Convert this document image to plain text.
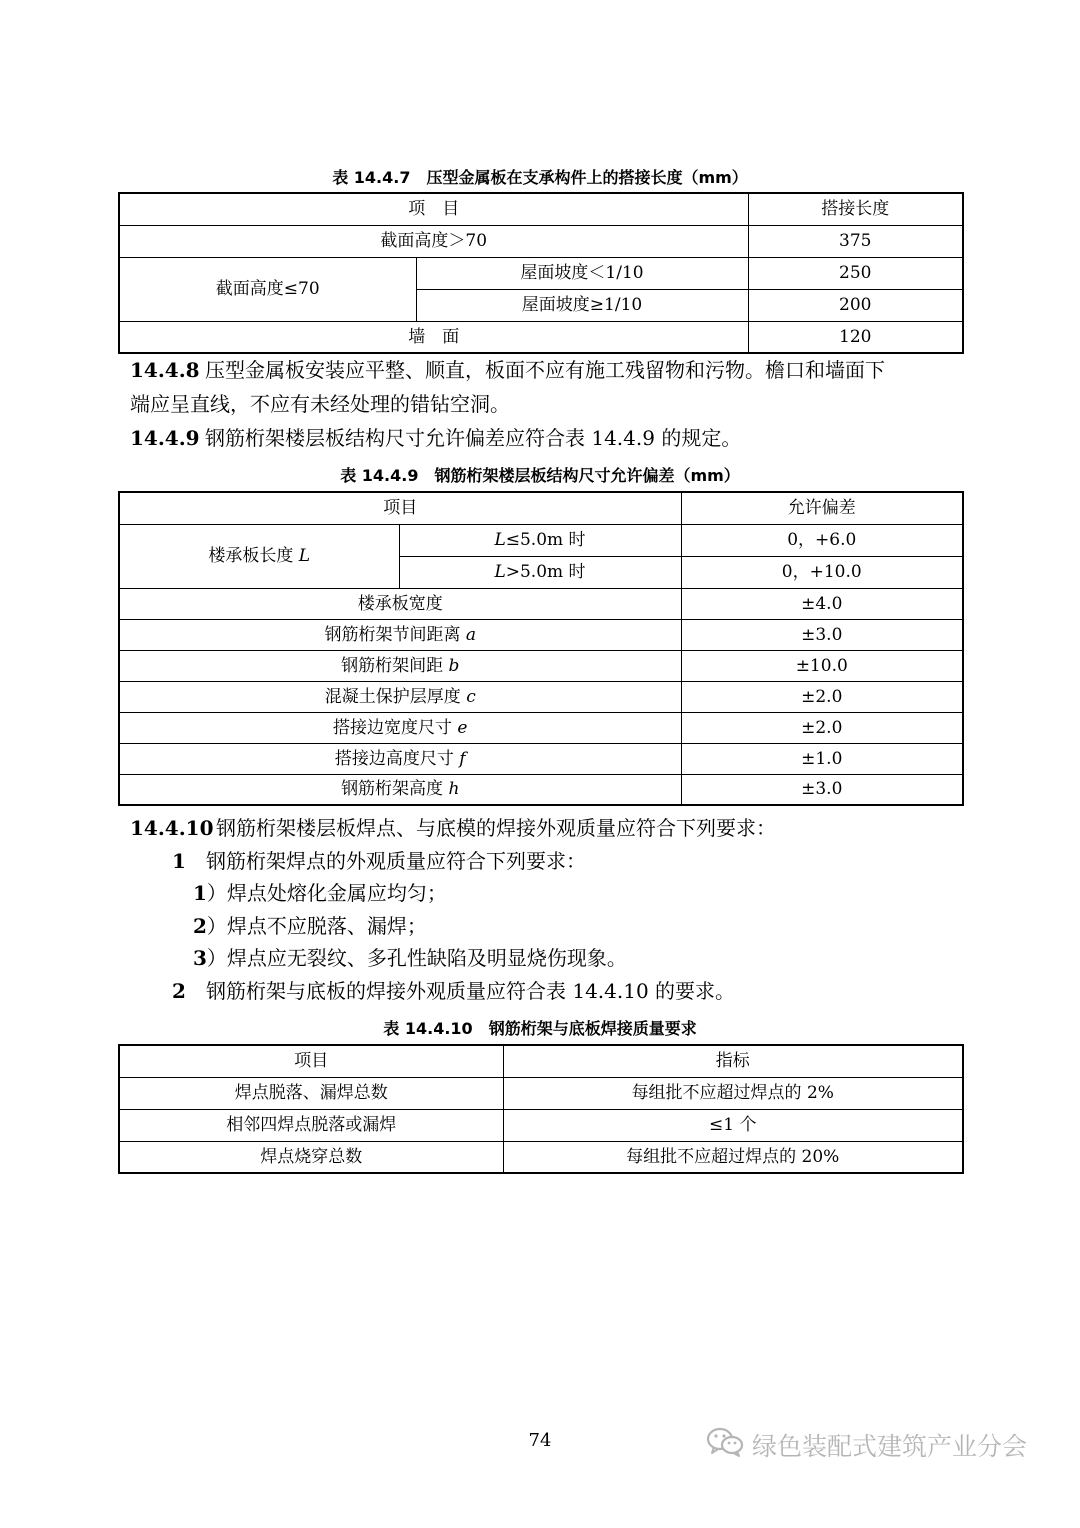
表 14.4.7　压型金属板在支承构件上的搭接长度（mm）
项　目		搭接长度
截面高度＞70		375
截面高度≤70	屋面坡度＜1/10	250
	屋面坡度≥1/10	200
墙　面		120
14.4.8 压型金属板安装应平整、顺直，板面不应有施工残留物和污物。檐口和墙面下
端应呈直线，不应有未经处理的错钻空洞。
14.4.9 钢筋桁架楼层板结构尺寸允许偏差应符合表 14.4.9 的规定。
表 14.4.9　钢筋桁架楼层板结构尺寸允许偏差（mm）
项目		允许偏差
楼承板长度 L	L≤5.0m 时	0，+6.0
	L>5.0m 时	0，+10.0
楼承板宽度		±4.0
钢筋桁架节间距离 a		±3.0
钢筋桁架间距 b		±10.0
混凝土保护层厚度 c		±2.0
搭接边宽度尺寸 e		±2.0
搭接边高度尺寸 f		±1.0
钢筋桁架高度 h		±3.0
14.4.10 钢筋桁架楼层板焊点、与底模的焊接外观质量应符合下列要求：
1 钢筋桁架焊点的外观质量应符合下列要求：
1）焊点处熔化金属应均匀；
2）焊点不应脱落、漏焊；
3）焊点应无裂纹、多孔性缺陷及明显烧伤现象。
2 钢筋桁架与底板的焊接外观质量应符合表 14.4.10 的要求。
表 14.4.10　钢筋桁架与底板焊接质量要求
项目	指标
焊点脱落、漏焊总数	每组批不应超过焊点的 2%
相邻四焊点脱落或漏焊	≤1 个
焊点烧穿总数	每组批不应超过焊点的 20%
74	绿色装配式建筑产业分会
